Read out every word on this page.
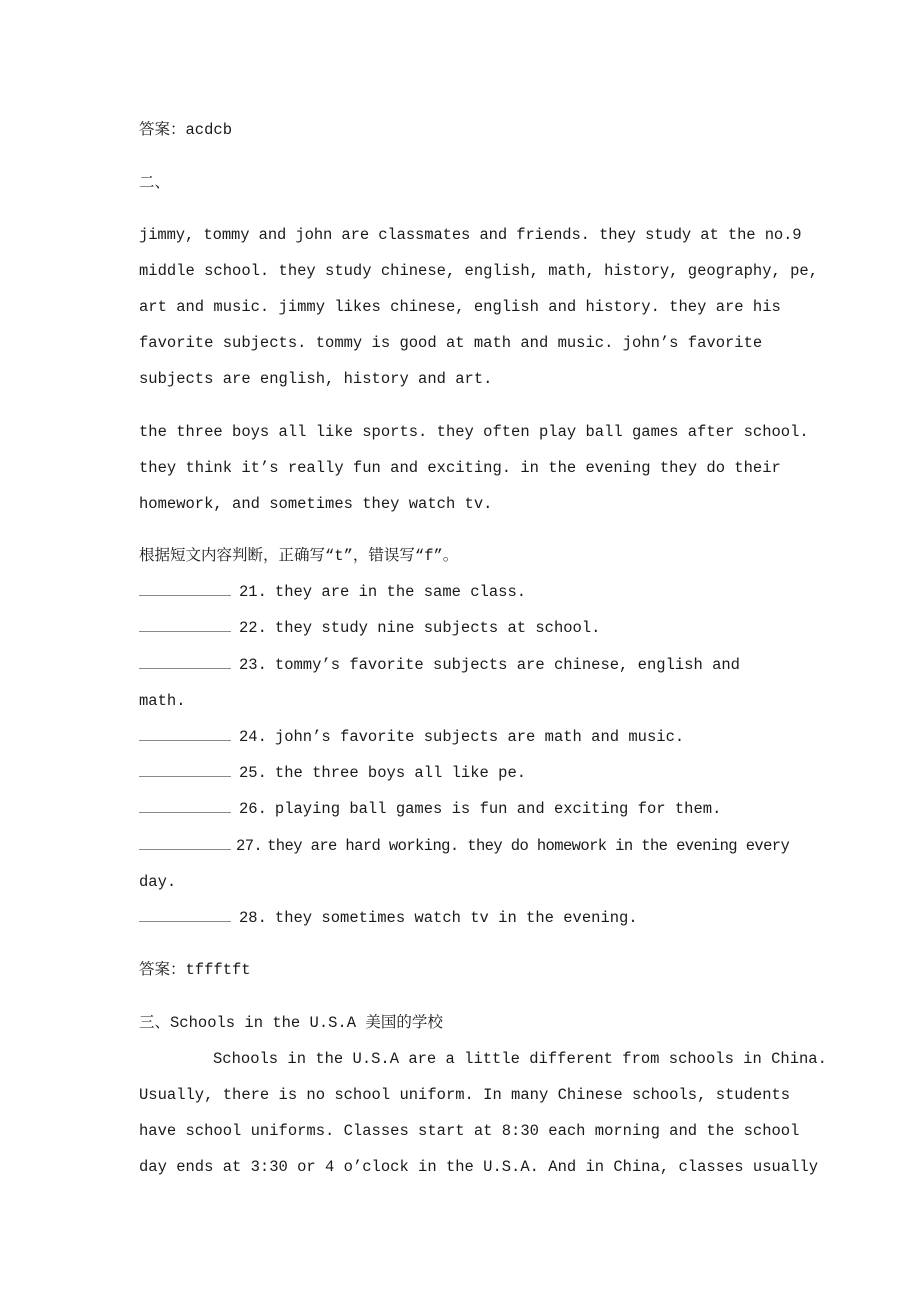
答案：acdcb
二、
jimmy, tommy and john are classmates and friends. they study at the no.9
middle school. they study chinese, english, math, history, geography, pe,
art and music. jimmy likes chinese, english and history. they are his
favorite subjects. tommy is good at math and music. john’s favorite
subjects are english, history and art.
the three boys all like sports. they often play ball games after school.
they think it’s really fun and exciting. in the evening they do their
homework, and sometimes they watch tv.
根据短文内容判断，正确写“t”，错误写“f”。
21. they are in the same class.
22. they study nine subjects at school.
23. tommy’s favorite subjects are chinese, english and
math.
24. john’s favorite subjects are math and music.
25. the three boys all like pe.
26. playing ball games is fun and exciting for them.
27. they are hard working. they do homework in the evening every
day.
28. they sometimes watch tv in the evening.
答案：tffftft
三、Schools in the U.S.A 美国的学校
Schools in the U.S.A are a little different from schools in China.
Usually, there is no school uniform. In many Chinese schools, students
have school uniforms. Classes start at 8:30 each morning and the school
day ends at 3:30 or 4 o’clock in the U.S.A. And in China, classes usually
